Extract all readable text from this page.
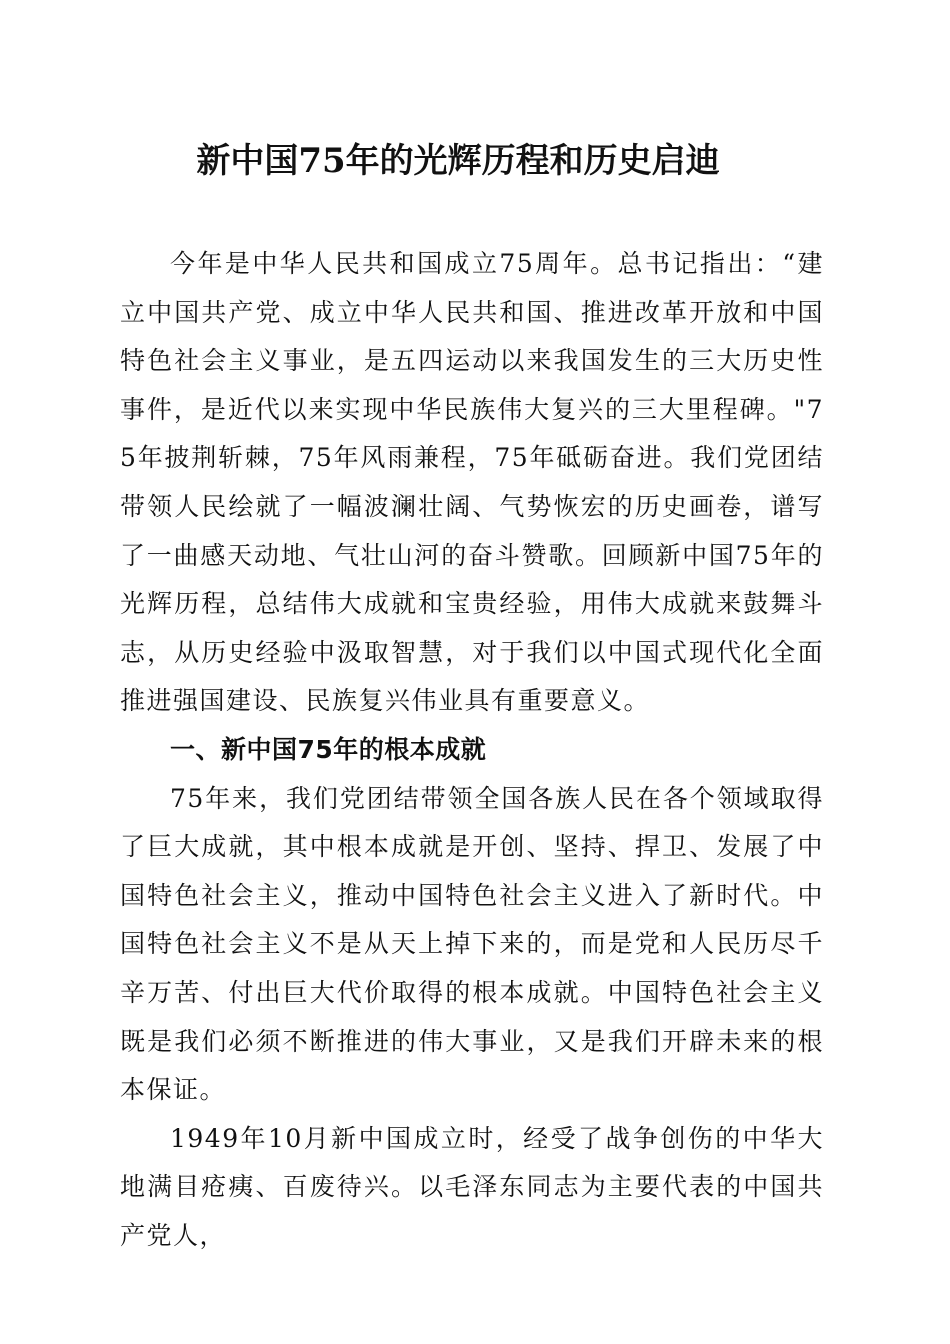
新中国75年的光辉历程和历史启迪

今年是中华人民共和国成立75周年。总书记指出：“建立中国共产党、成立中华人民共和国、推进改革开放和中国特色社会主义事业，是五四运动以来我国发生的三大历史性事件，是近代以来实现中华民族伟大复兴的三大里程碑。"75年披荆斩棘，75年风雨兼程，75年砥砺奋进。我们党团结带领人民绘就了一幅波澜壮阔、气势恢宏的历史画卷，谱写了一曲感天动地、气壮山河的奋斗赞歌。回顾新中国75年的光辉历程，总结伟大成就和宝贵经验，用伟大成就来鼓舞斗志，从历史经验中汲取智慧，对于我们以中国式现代化全面推进强国建设、民族复兴伟业具有重要意义。

一、新中国75年的根本成就

75年来，我们党团结带领全国各族人民在各个领域取得了巨大成就，其中根本成就是开创、坚持、捍卫、发展了中国特色社会主义，推动中国特色社会主义进入了新时代。中国特色社会主义不是从天上掉下来的，而是党和人民历尽千辛万苦、付出巨大代价取得的根本成就。中国特色社会主义既是我们必须不断推进的伟大事业，又是我们开辟未来的根本保证。

1949年10月新中国成立时，经受了战争创伤的中华大地满目疮痍、百废待兴。以毛泽东同志为主要代表的中国共产党人，
